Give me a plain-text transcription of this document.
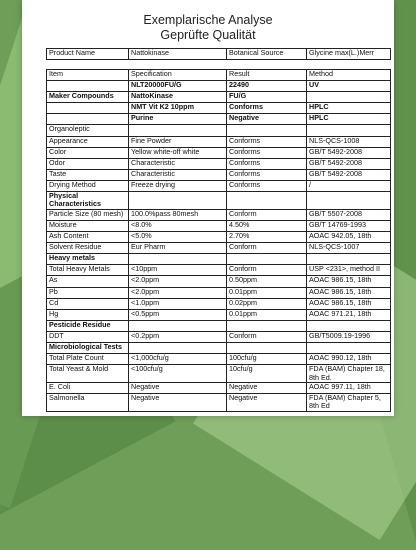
Exemplarische Analyse
Geprüfte Qualität
Product Name	Nattokinase	Botanical Source	Glycine max(L.)Merr
Item	Specification	Result	Method
	NLT20000FU/G	22490	UV
Maker Compounds	NattoKinase	FU/G	
	NMT Vit K2 10ppm	Conforms	HPLC
	Purine	Negative	HPLC
Organoleptic			
Appearance	Fine Powder	Conforms	NLS-QCS-1008
Color	Yellow white-off white	Conforms	GB/T 5492-2008
Odor	Characteristic	Conforms	GB/T 5492-2008
Taste	Characteristic	Conforms	GB/T 5492-2008
Drying Method	Freeze drying	Conforms	/
Physical Characteristics			
Particle Size (80 mesh)	100.0%pass 80mesh	Conform	GB/T 5507-2008
Moisture	<8.0%	4.50%	GB/T 14769-1993
Ash Content	<5.0%	2.70%	AOAC 942.05, 18th
Solvent Residue	Eur Pharm	Conform	NLS-QCS-1007
Heavy metals			
Total Heavy Metals	<10ppm	Conform	USP <231>, method II
As	<2.0ppm	0.50ppm	AOAC 986.15, 18th
Pb	<2.0ppm	0.01ppm	AOAC 986.15, 18th
Cd	<1.0ppm	0.02ppm	AOAC 986.15, 18th
Hg	<0.5ppm	0.01ppm	AOAC 971.21, 18th
Pesticide Residue			
DDT	<0.2ppm	Conform	GB/T5009.19-1996
Microbiological Tests			
Total Plate Count	<1,000cfu/g	100cfu/g	AOAC 990.12, 18th
Total Yeast & Mold	<100cfu/g	10cfu/g	FDA (BAM) Chapter 18, 8th Ed.
E. Coli	Negative	Negative	AOAC 997.11, 18th
Salmonella	Negative	Negative	FDA (BAM) Chapter 5, 8th Ed
